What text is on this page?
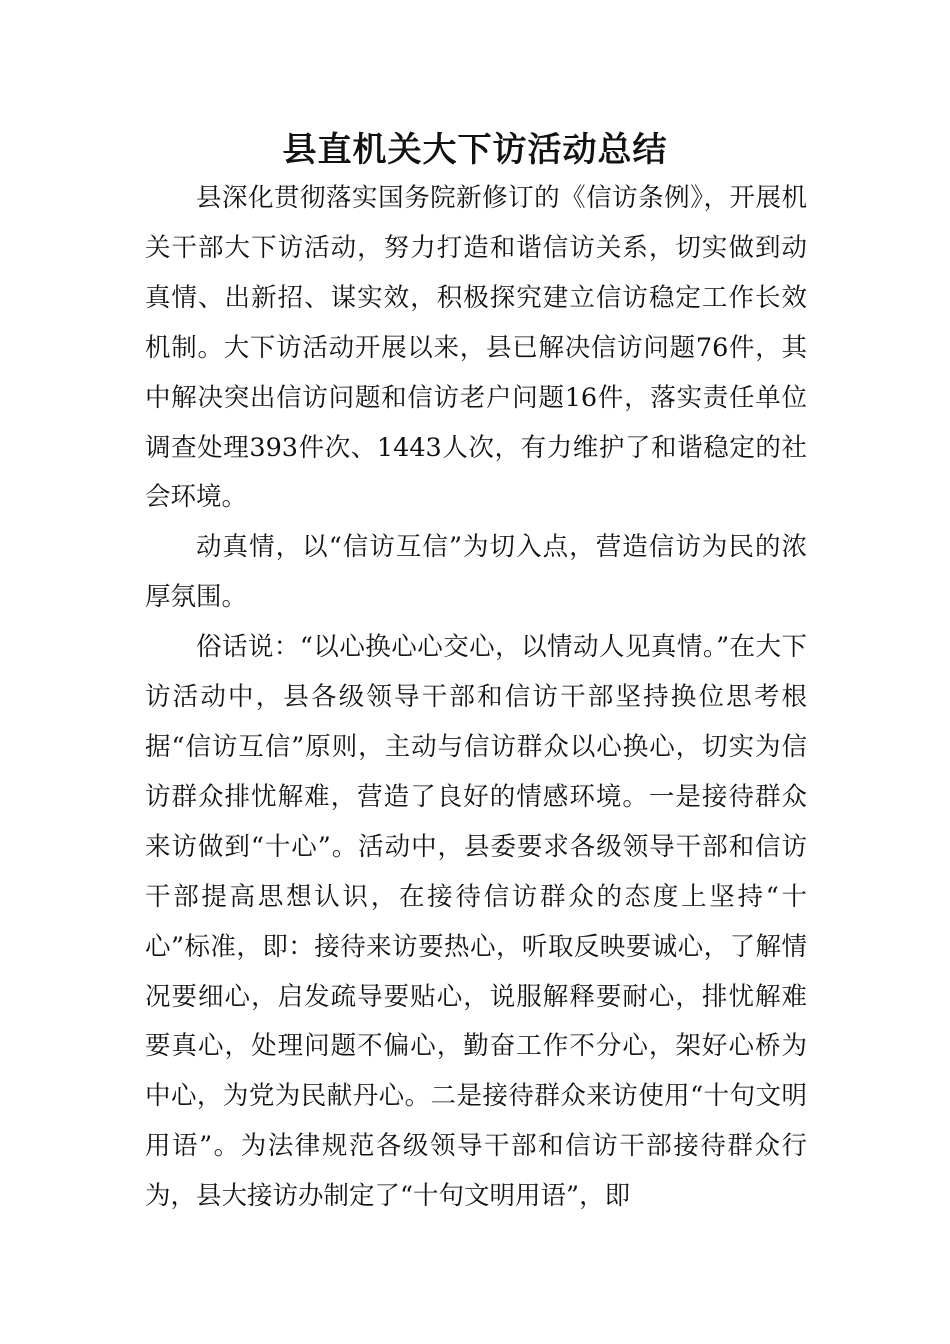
县直机关大下访活动总结

县深化贯彻落实国务院新修订的《信访条例》，开展机关干部大下访活动，努力打造和谐信访关系，切实做到动真情、出新招、谋实效，积极探究建立信访稳定工作长效机制。大下访活动开展以来，县已解决信访问题76件，其中解决突出信访问题和信访老户问题16件，落实责任单位调查处理393件次、1443人次，有力维护了和谐稳定的社会环境。

动真情，以“信访互信”为切入点，营造信访为民的浓厚氛围。

俗话说：“以心换心心交心，以情动人见真情。”在大下访活动中，县各级领导干部和信访干部坚持换位思考根据“信访互信”原则，主动与信访群众以心换心，切实为信访群众排忧解难，营造了良好的情感环境。一是接待群众来访做到“十心”。活动中，县委要求各级领导干部和信访干部提高思想认识，在接待信访群众的态度上坚持“十心”标准，即：接待来访要热心，听取反映要诚心，了解情况要细心，启发疏导要贴心，说服解释要耐心，排忧解难要真心，处理问题不偏心，勤奋工作不分心，架好心桥为中心，为党为民献丹心。二是接待群众来访使用“十句文明用语”。为法律规范各级领导干部和信访干部接待群众行为，县大接访办制定了“十句文明用语”，即
